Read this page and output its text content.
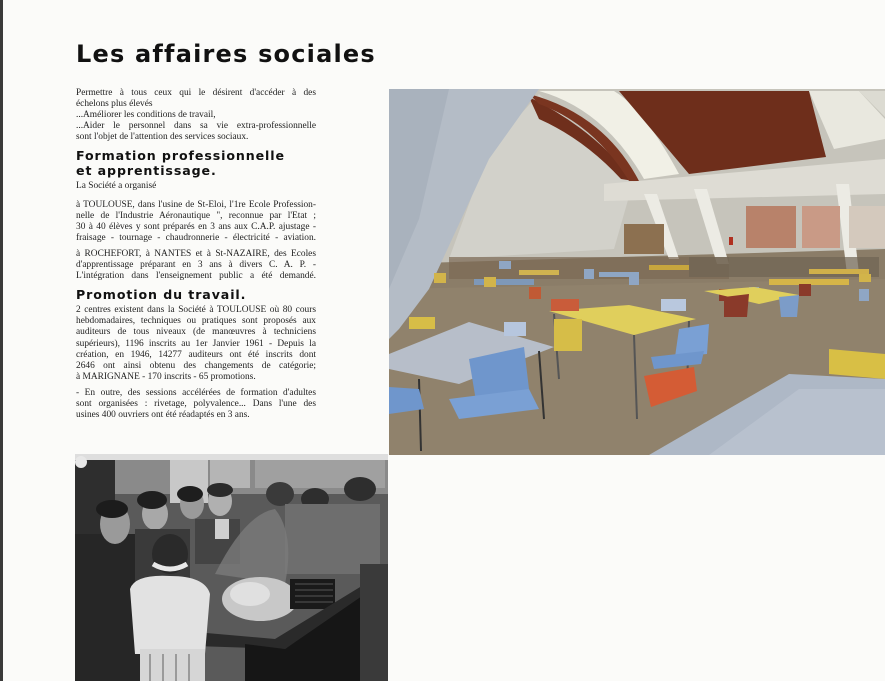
Les affaires sociales
Permettre à tous ceux qui le désirent d'accéder à des
échelons plus élevés
...Améliorer les conditions de travail,
...Aider le personnel dans sa vie extra-professionnelle
sont l'objet de l'attention des services sociaux.
Formation professionnelle
et apprentissage.
La Société a organisé
à TOULOUSE, dans l'usine de St-Eloi, l'1re Ecole Profession-
nelle de l'Industrie Aéronautique ", reconnue par l'Etat ;
30 à 40 élèves y sont préparés en 3 ans aux C.A.P. ajustage -
fraisage - tournage - chaudronnerie - électricité - aviation.
à ROCHEFORT, à NANTES et à St-NAZAIRE, des Ecoles
d'apprentissage préparant en 3 ans à divers C. A. P. -
L'intégration dans l'enseignement public a été demandé.
Promotion du travail.
2 centres existent dans la Société à TOULOUSE où 80 cours
hebdomadaires, techniques ou pratiques sont proposés aux
auditeurs de tous niveaux (de manœuvres à techniciens
supérieurs), 1196 inscrits au 1er Janvier 1961 - Depuis la
création, en 1946, 14277 auditeurs ont été inscrits dont
2646 ont ainsi obtenu des changements de catégorie;
à MARIGNANE - 170 inscrits - 65 promotions.
- En outre, des sessions accélérées de formation d'adultes
sont organisées : rivetage, polyvalence... Dans l'une des
usines 400 ouvriers ont été réadaptés en 3 ans.
